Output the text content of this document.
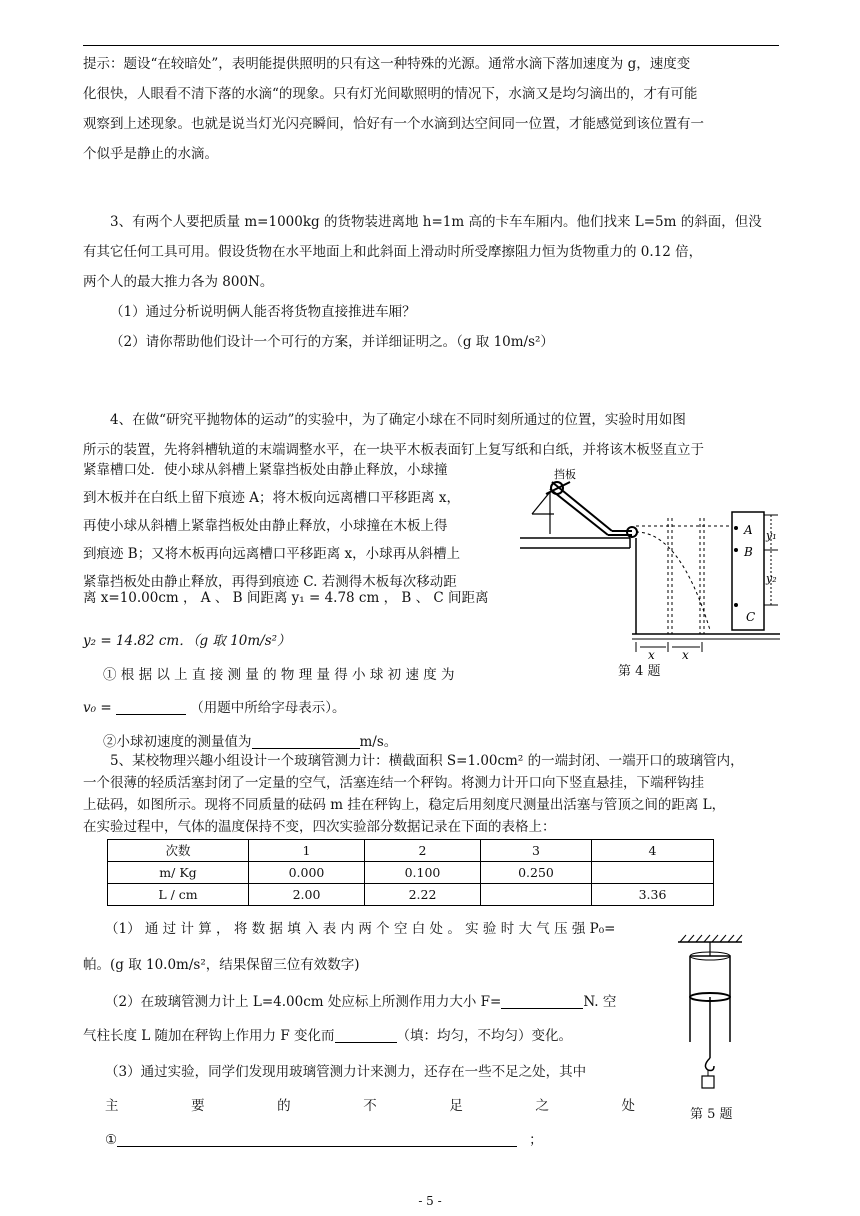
提示：题设“在较暗处”，表明能提供照明的只有这一种特殊的光源。通常水滴下落加速度为 g，速度变
化很快，人眼看不清下落的水滴“的现象。只有灯光间歇照明的情况下，水滴又是均匀滴出的，才有可能
观察到上述现象。也就是说当灯光闪亮瞬间，恰好有一个水滴到达空间同一位置，才能感觉到该位置有一
个似乎是静止的水滴。
3、有两个人要把质量 m=1000kg 的货物装进离地 h=1m 高的卡车车厢内。他们找来 L=5m 的斜面，但没
有其它任何工具可用。假设货物在水平地面上和此斜面上滑动时所受摩擦阻力恒为货物重力的 0.12 倍，
两个人的最大推力各为 800N。
（1）通过分析说明俩人能否将货物直接推进车厢？
（2）请你帮助他们设计一个可行的方案，并详细证明之。（g 取 10m/s²）
4、在做“研究平抛物体的运动”的实验中，为了确定小球在不同时刻所通过的位置，实验时用如图
所示的装置，先将斜槽轨道的末端调整水平，在一块平木板表面钉上复写纸和白纸，并将该木板竖直立于
紧靠槽口处．使小球从斜槽上紧靠挡板处由静止释放，小球撞
到木板并在白纸上留下痕迹 A；将木板向远离槽口平移距离 x，
再使小球从斜槽上紧靠挡板处由静止释放，小球撞在木板上得
到痕迹 B；又将木板再向远离槽口平移距离 x，小球再从斜槽上
紧靠挡板处由静止释放，再得到痕迹 C. 若测得木板每次移动距
离 x=10.00cm ， A 、 B 间距离 y₁ = 4.78 cm ， B 、 C 间距离
y₂ = 14.82 cm．（g 取 10m/s²）
① 根 据 以 上 直 接 测 量 的 物 理 量 得 小 球 初 速 度 为
v₀ =	（用题中所给字母表示）。
②小球初速度的测量值为	m/s。
挡板
A
B
C
y₁
y₂
x x
第 4 题
5、某校物理兴趣小组设计一个玻璃管测力计：横截面积 S=1.00cm² 的一端封闭、一端开口的玻璃管内，
一个很薄的轻质活塞封闭了一定量的空气，活塞连结一个秤钩。将测力计开口向下竖直悬挂，下端秤钩挂
上砝码，如图所示。现将不同质量的砝码 m 挂在秤钩上，稳定后用刻度尺测量出活塞与管顶之间的距离 L，
在实验过程中，气体的温度保持不变，四次实验部分数据记录在下面的表格上：
次数	1	2	3	4
m/ Kg	0.000	0.100	0.250	
L / cm	2.00	2.22		3.36
（1） 通 过 计 算 ， 将 数 据 填 入 表 内 两 个 空 白 处 。 实 验 时 大 气 压 强 P₀=
帕。(g 取 10.0m/s²，结果保留三位有效数字)
（2）在玻璃管测力计上 L=4.00cm 处应标上所测作用力大小 F=	N. 空
气柱长度 L 随加在秤钩上作用力 F 变化而	（填：均匀，不均匀）变化。
（3）通过实验，同学们发现用玻璃管测力计来测力，还存在一些不足之处，其中
主	要	的	不	足	之	处
①	；
第 5 题
- 5 -
